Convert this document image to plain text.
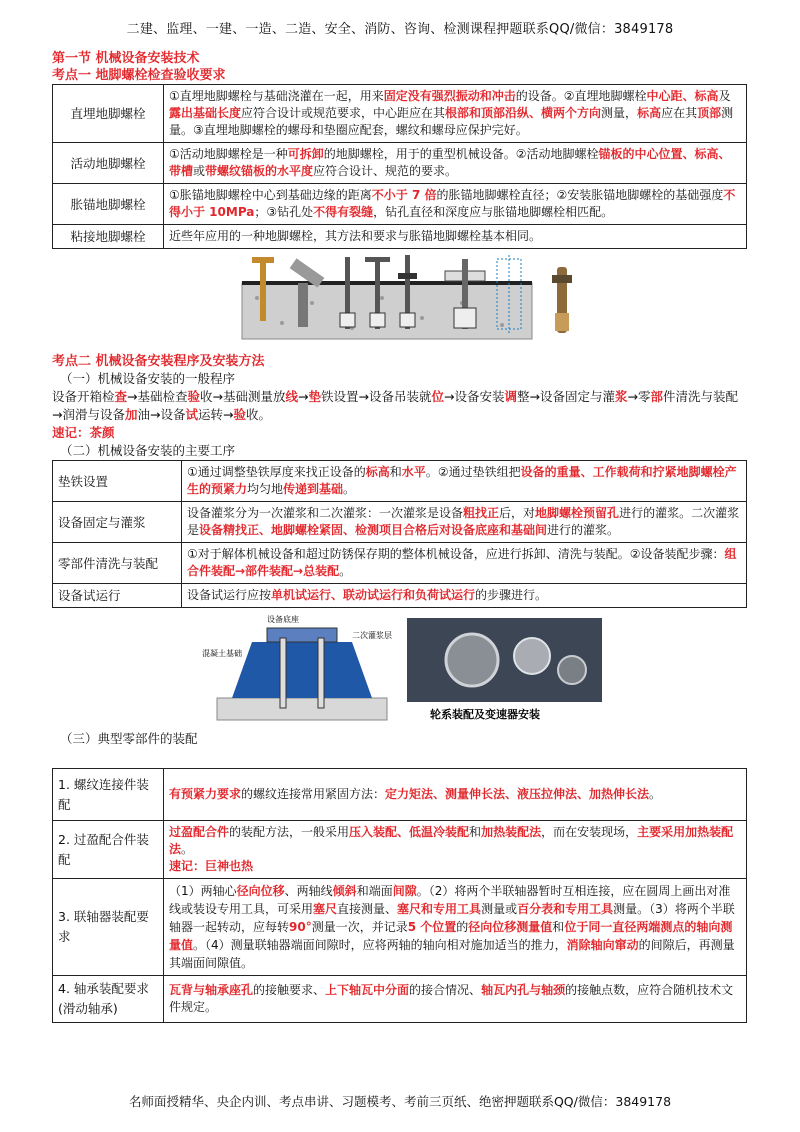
二建、监理、一建、一造、二造、安全、消防、咨询、检测课程押题联系QQ/微信：3849178
第一节 机械设备安装技术
考点一 地脚螺栓检查验收要求
直埋地脚螺栓	①直埋地脚螺栓与基础浇灌在一起，用来固定没有强烈振动和冲击的设备。②直埋地脚螺栓中心距、标高及露出基础长度应符合设计或规范要求，中心距应在其根部和顶部沿纵、横两个方向测量，标高应在其顶部测量。③直埋地脚螺栓的螺母和垫圈应配套，螺纹和螺母应保护完好。
活动地脚螺栓	①活动地脚螺栓是一种可拆卸的地脚螺栓，用于的重型机械设备。②活动地脚螺栓锚板的中心位置、标高、带槽或带螺纹锚板的水平度应符合设计、规范的要求。
胀锚地脚螺栓	①胀锚地脚螺栓中心到基础边缘的距离不小于 7 倍的胀锚地脚螺栓直径；②安装胀锚地脚螺栓的基础强度不得小于 10MPa；③钻孔处不得有裂缝，钻孔直径和深度应与胀锚地脚螺栓相匹配。
粘接地脚螺栓	近些年应用的一种地脚螺栓，其方法和要求与胀锚地脚螺栓基本相同。
考点二 机械设备安装程序及安装方法
（一）机械设备安装的一般程序
设备开箱检查→基础检查验收→基础测量放线→垫铁设置→设备吊装就位→设备安装调整→设备固定与灌浆→零部件清洗与装配→润滑与设备加油→设备试运转→验收。
速记：茶颜
（二）机械设备安装的主要工序
垫铁设置	①通过调整垫铁厚度来找正设备的标高和水平。②通过垫铁组把设备的重量、工作载荷和拧紧地脚螺栓产生的预紧力均匀地传递到基础。
设备固定与灌浆	设备灌浆分为一次灌浆和二次灌浆：一次灌浆是设备粗找正后，对地脚螺栓预留孔进行的灌浆。二次灌浆是设备精找正、地脚螺栓紧固、检测项目合格后对设备底座和基础间进行的灌浆。
零部件清洗与装配	①对于解体机械设备和超过防锈保存期的整体机械设备，应进行拆卸、清洗与装配。②设备装配步骤：组合件装配→部件装配→总装配。
设备试运行	设备试运行应按单机试运行、联动试运行和负荷试运行的步骤进行。
设备底座
混凝土基础
二次灌浆层
轮系装配及变速器安装
（三）典型零部件的装配
1. 螺纹连接件装配	有预紧力要求的螺纹连接常用紧固方法：定力矩法、测量伸长法、液压拉伸法、加热伸长法。
2. 过盈配合件装配	过盈配合件的装配方法，一般采用压入装配、低温冷装配和加热装配法，而在安装现场，主要采用加热装配法。
速记：巨神也热
3. 联轴器装配要求	（1）两轴心径向位移、两轴线倾斜和端面间隙。（2）将两个半联轴器暂时互相连接，应在圆周上画出对准线或装设专用工具，可采用塞尺直接测量、塞尺和专用工具测量或百分表和专用工具测量。（3）将两个半联轴器一起转动，应每转90°测量一次，并记录5 个位置的径向位移测量值和位于同一直径两端测点的轴向测量值。（4）测量联轴器端面间隙时，应将两轴的轴向相对施加适当的推力，消除轴向窜动的间隙后，再测量其端面间隙值。
4. 轴承装配要求(滑动轴承)	瓦背与轴承座孔的接触要求、上下轴瓦中分面的接合情况、轴瓦内孔与轴颈的接触点数，应符合随机技术文件规定。
名师面授精华、央企内训、考点串讲、习题模考、考前三页纸、绝密押题联系QQ/微信：3849178
